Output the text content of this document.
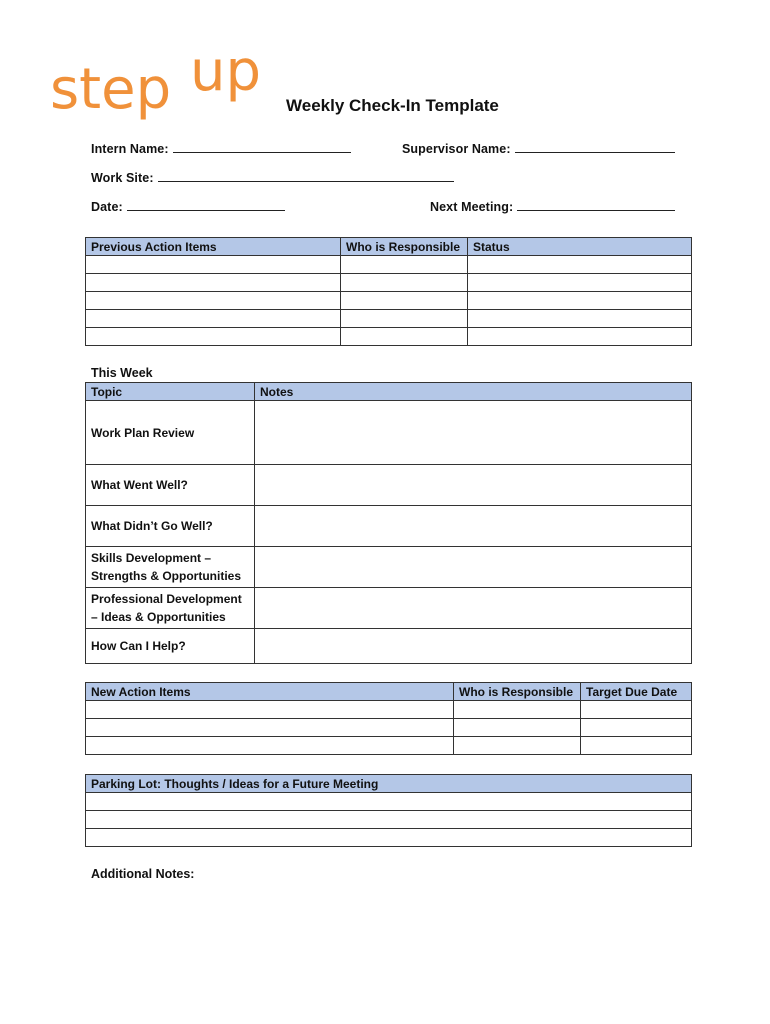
step up
Weekly Check-In Template
Intern Name:	Supervisor Name:
Work Site:
Date:	Next Meeting:
Previous Action Items	Who is Responsible	Status

This Week
Topic	Notes
Work Plan Review	
What Went Well?	
What Didn’t Go Well?	
Skills Development – Strengths & Opportunities	
Professional Development – Ideas & Opportunities	
How Can I Help?	
New Action Items	Who is Responsible	Target Due Date

Parking Lot: Thoughts / Ideas for a Future Meeting

Additional Notes:
